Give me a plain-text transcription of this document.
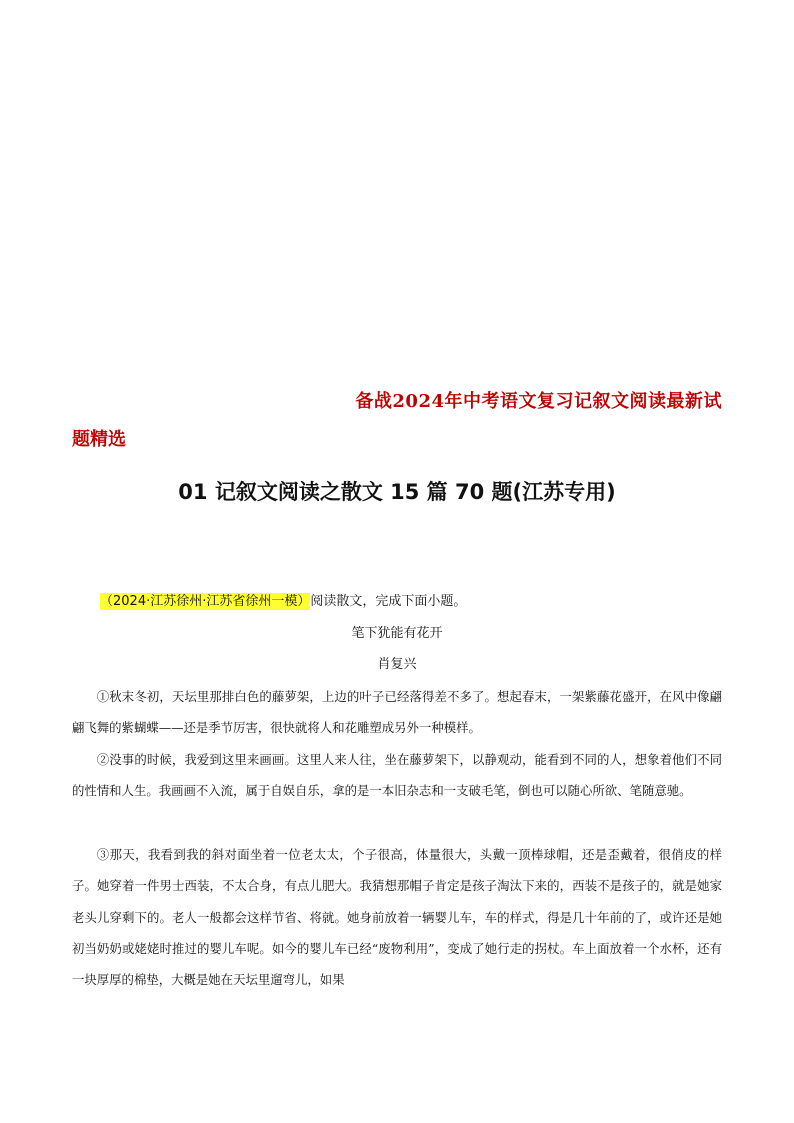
备战2024年中考语文复习记叙文阅读最新试
题精选
01 记叙文阅读之散文 15 篇 70 题(江苏专用)
（2024·江苏徐州·江苏省徐州一模）阅读散文，完成下面小题。
笔下犹能有花开
肖复兴
①秋末冬初，天坛里那排白色的藤萝架，上边的叶子已经落得差不多了。想起春末，一架紫藤花盛开，在风中像翩翩飞舞的紫蝴蝶——还是季节厉害，很快就将人和花雕塑成另外一种模样。
②没事的时候，我爱到这里来画画。这里人来人往，坐在藤萝架下，以静观动，能看到不同的人，想象着他们不同的性情和人生。我画画不入流，属于自娱自乐，拿的是一本旧杂志和一支破毛笔，倒也可以随心所欲、笔随意驰。
③那天，我看到我的斜对面坐着一位老太太，个子很高，体量很大，头戴一顶棒球帽，还是歪戴着，很俏皮的样子。她穿着一件男士西装，不太合身，有点儿肥大。我猜想那帽子肯定是孩子淘汰下来的，西装不是孩子的，就是她家老头儿穿剩下的。老人一般都会这样节省、将就。她身前放着一辆婴儿车，车的样式，得是几十年前的了，或许还是她初当奶奶或姥姥时推过的婴儿车呢。如今的婴儿车已经“废物利用”，变成了她行走的拐杖。车上面放着一个水杯，还有一块厚厚的棉垫，大概是她在天坛里遛弯儿，如果
